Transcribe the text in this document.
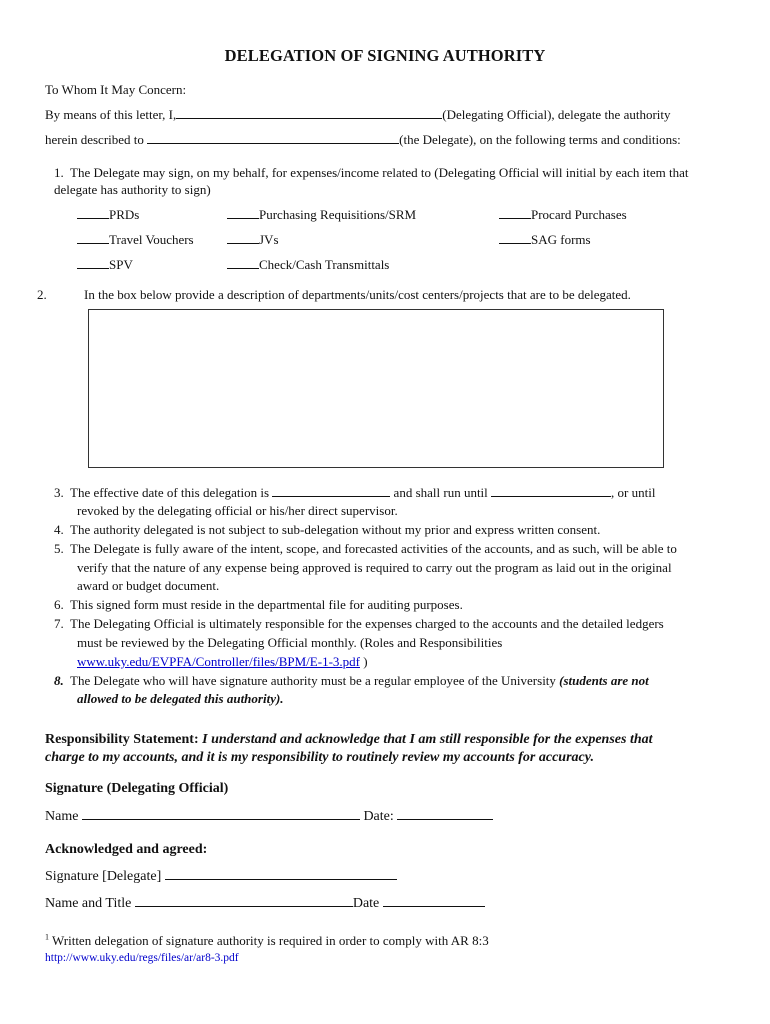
DELEGATION OF SIGNING AUTHORITY
To Whom It May Concern:
By means of this letter, I,	(Delegating Official), delegate the authority
herein described to	(the Delegate), on the following terms and conditions:
1. The Delegate may sign, on my behalf, for expenses/income related to (Delegating Official will initial by each item that
delegate has authority to sign)
PRDs	Purchasing Requisitions/SRM	Procard Purchases
Travel Vouchers	JVs	SAG forms
SPV	Check/Cash Transmittals
2.	In the box below provide a description of departments/units/cost centers/projects that are to be delegated.
3. The effective date of this delegation is	and shall run until	, or until
revoked by the delegating official or his/her direct supervisor.
4. The authority delegated is not subject to sub-delegation without my prior and express written consent.
5. The Delegate is fully aware of the intent, scope, and forecasted activities of the accounts, and as such, will be able to
verify that the nature of any expense being approved is required to carry out the program as laid out in the original
award or budget document.
6. This signed form must reside in the departmental file for auditing purposes.
7. The Delegating Official is ultimately responsible for the expenses charged to the accounts and the detailed ledgers
must be reviewed by the Delegating Official monthly. (Roles and Responsibilities
www.uky.edu/EVPFA/Controller/files/BPM/E-1-3.pdf )
8. The Delegate who will have signature authority must be a regular employee of the University (students are not
allowed to be delegated this authority).
Responsibility Statement: I understand and acknowledge that I am still responsible for the expenses that
charge to my accounts, and it is my responsibility to routinely review my accounts for accuracy.
Signature (Delegating Official)
Name	Date:
Acknowledged and agreed:
Signature [Delegate]
Name and Title	Date
$^1$ Written delegation of signature authority is required in order to comply with AR 8:3
http://www.uky.edu/regs/files/ar/ar8-3.pdf
